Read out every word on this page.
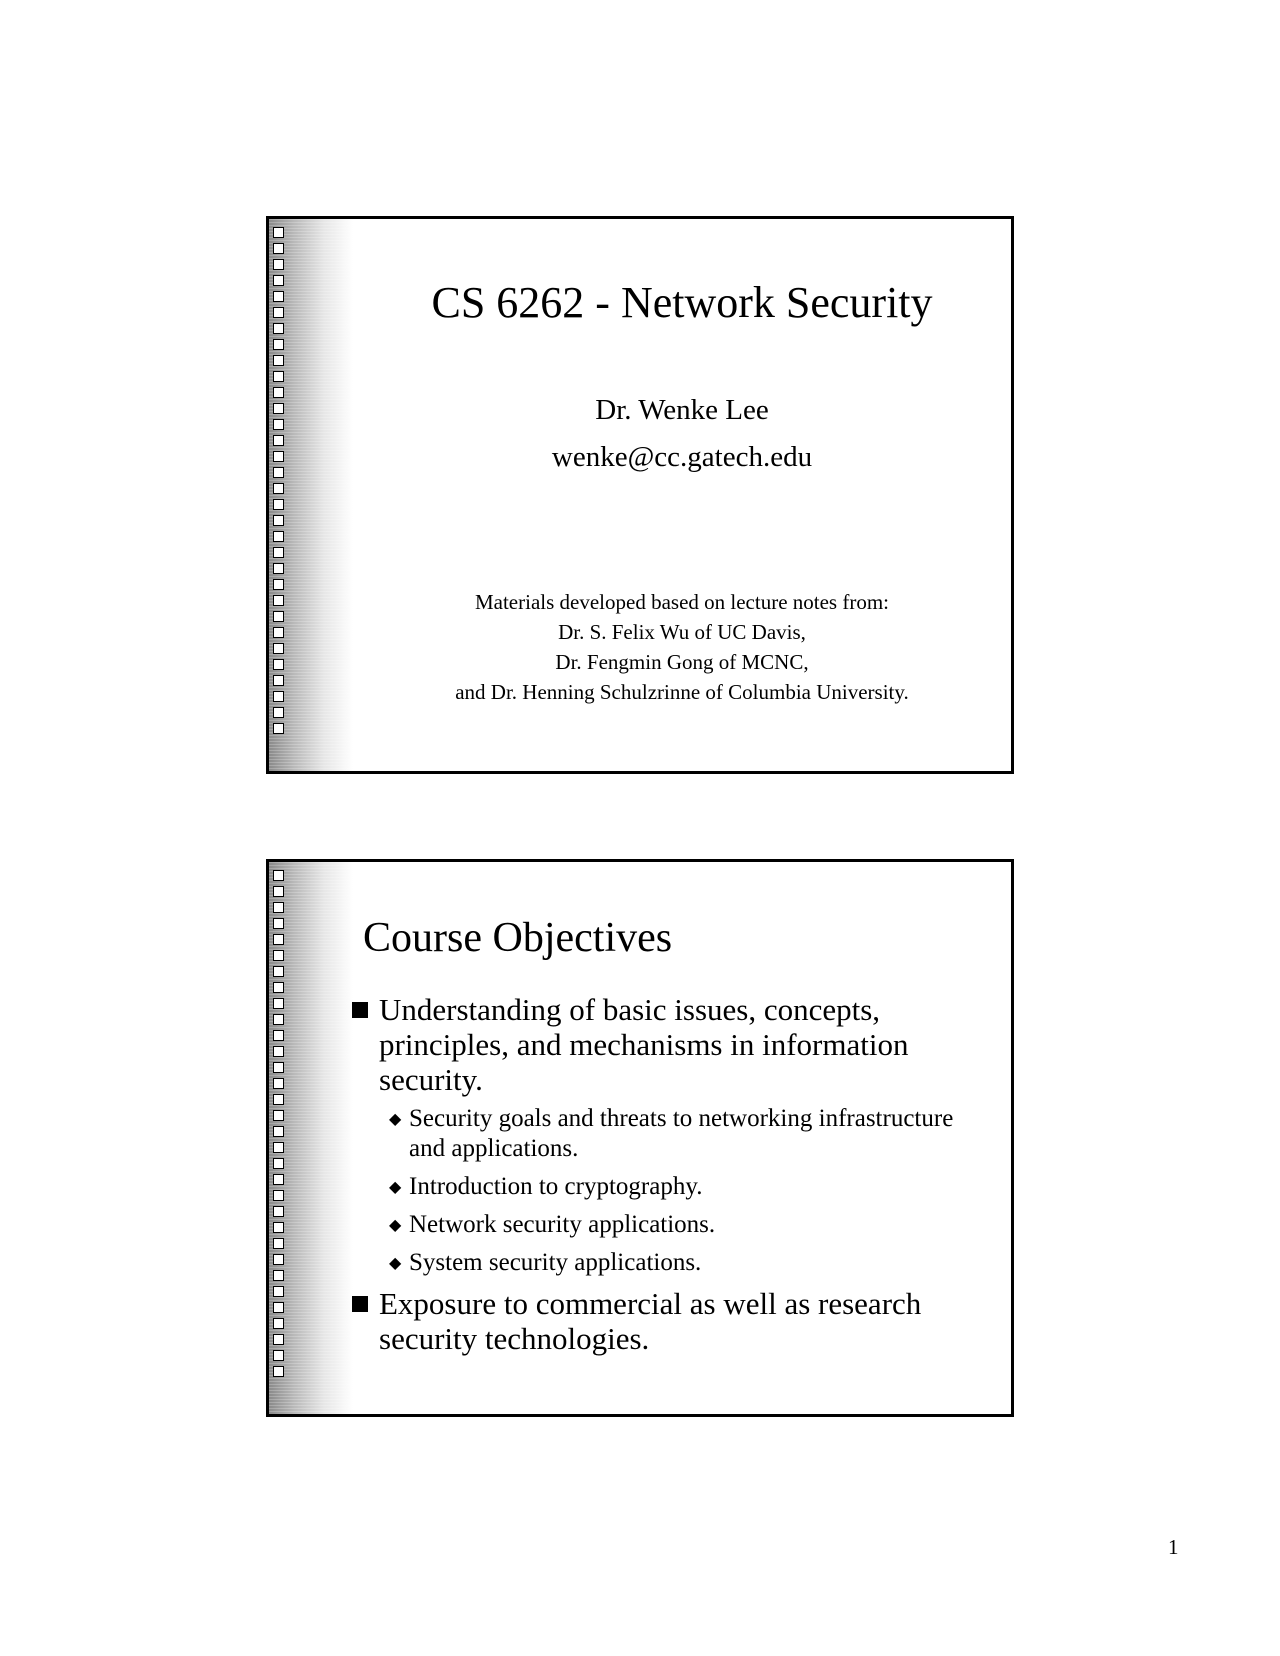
CS 6262 - Network Security
Dr. Wenke Lee
wenke@cc.gatech.edu
Materials developed based on lecture notes from:
Dr. S. Felix Wu of UC Davis,
Dr. Fengmin Gong of MCNC,
and Dr. Henning Schulzrinne of Columbia University.
Course Objectives
Understanding of basic issues, concepts, principles, and mechanisms in information security.
◆ Security goals and threats to networking infrastructure and applications.
◆ Introduction to cryptography.
◆ Network security applications.
◆ System security applications.
Exposure to commercial as well as research security technologies.
1
